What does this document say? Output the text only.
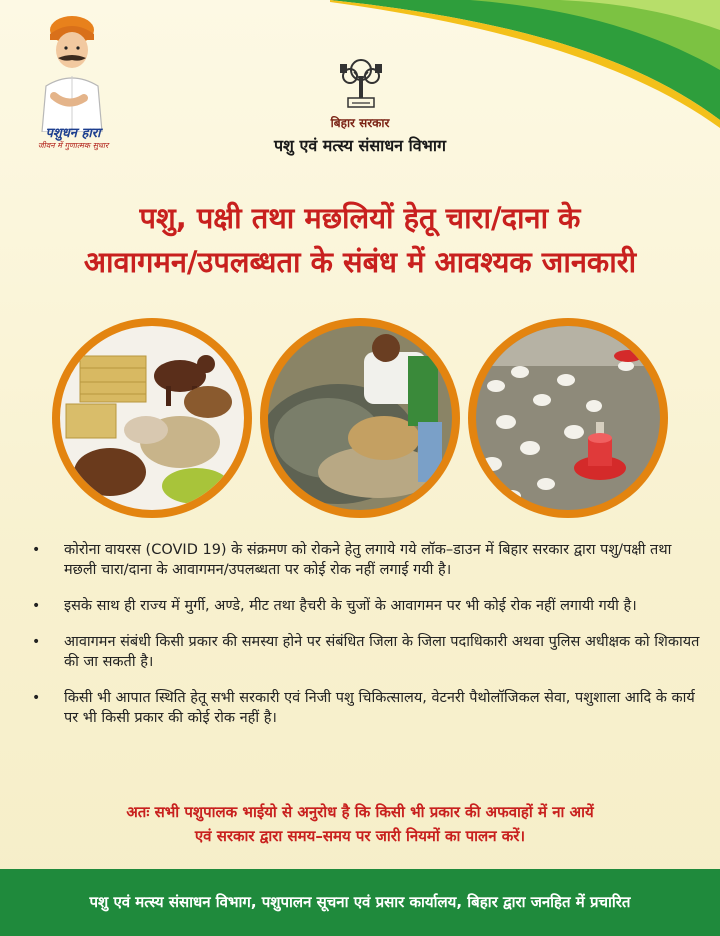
पशुधन हारा
जीवन में गुणात्मक सुधार
बिहार सरकार
पशु एवं मत्स्य संसाधन विभाग
पशु, पक्षी तथा मछलियों हेतू चारा/दाना के
आवागमन/उपलब्धता के संबंध में आवश्यक जानकारी
• कोरोना वायरस (COVID 19) के संक्रमण को रोकने हेतु लगाये गये लॉक–डाउन में बिहार सरकार द्वारा पशु/पक्षी तथा मछली चारा/दाना के आवागमन/उपलब्धता पर कोई रोक नहीं लगाई गयी है।
• इसके साथ ही राज्य में मुर्गी, अण्डे, मीट तथा हैचरी के चुजों के आवागमन पर भी कोई रोक नहीं लगायी गयी है।
• आवागमन संबंधी किसी प्रकार की समस्या होने पर संबंधित जिला के जिला पदाधिकारी अथवा पुलिस अधीक्षक को शिकायत की जा सकती है।
• किसी भी आपात स्थिति हेतू सभी सरकारी एवं निजी पशु चिकित्सालय, वेटनरी पैथोलॉजिकल सेवा, पशुशाला आदि के कार्य पर भी किसी प्रकार की कोई रोक नहीं है।
अतः सभी पशुपालक भाईयो से अनुरोध है कि किसी भी प्रकार की अफवाहों में ना आयें
एवं सरकार द्वारा समय–समय पर जारी नियमों का पालन करें।
पशु एवं मत्स्य संसाधन विभाग, पशुपालन सूचना एवं प्रसार कार्यालय, बिहार द्वारा जनहित में प्रचारित
